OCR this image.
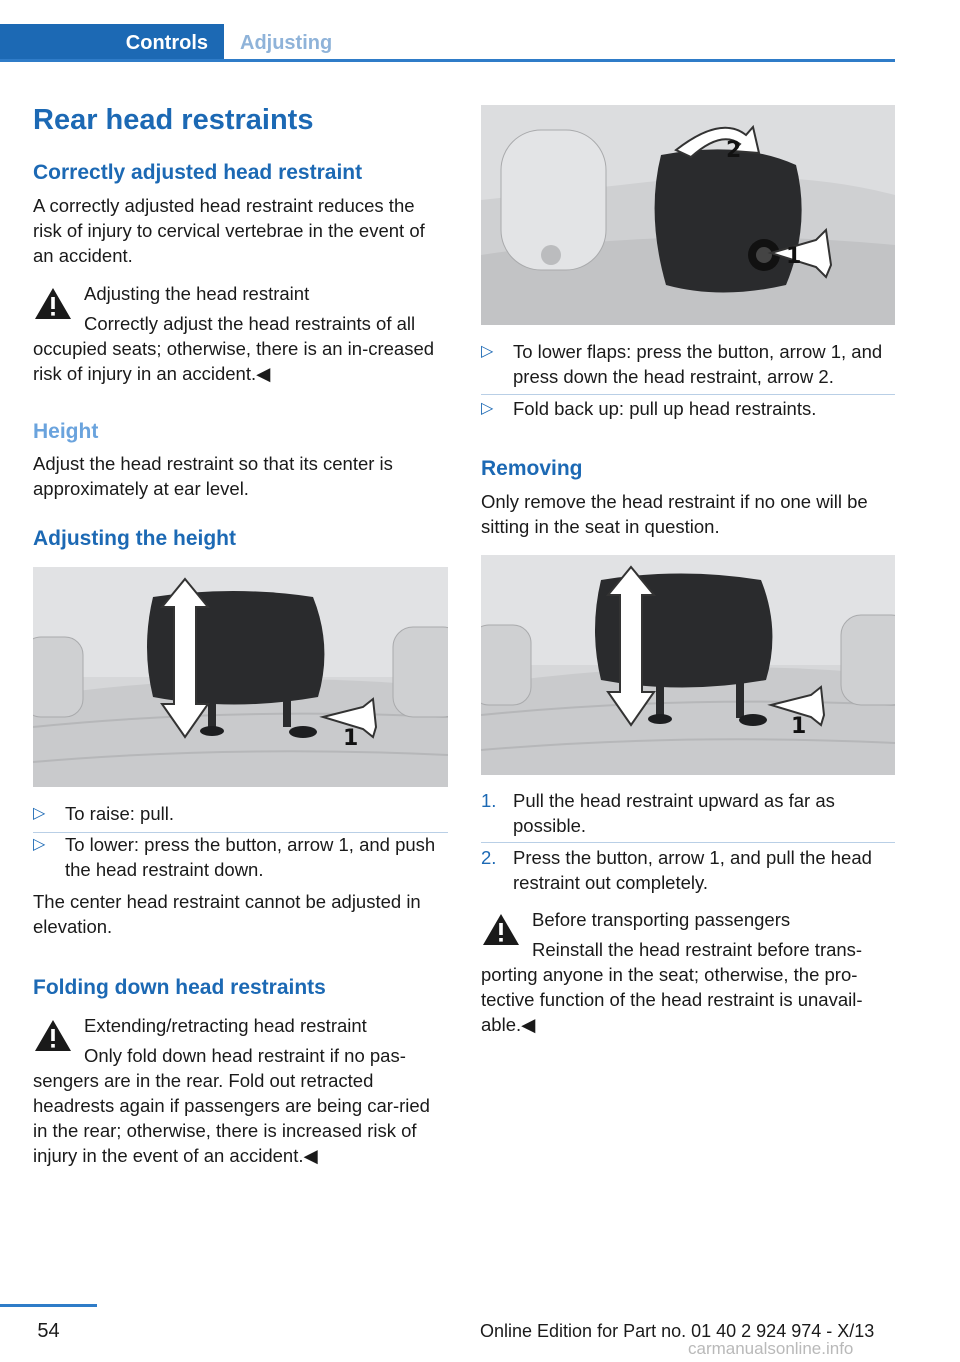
Controls	Adjusting
Rear head restraints
Correctly adjusted head restraint

A correctly adjusted head restraint reduces the risk of injury to cervical vertebrae in the event of an accident.

Adjusting the head restraint
Correctly adjust the head restraints of all occupied seats; otherwise, there is an in‐creased risk of injury in an accident.◀
Height

Adjust the head restraint so that its center is approximately at ear level.

Adjusting the height
1
▷ To raise: pull.
▷ To lower: press the button, arrow 1, and push the head restraint down.

The center head restraint cannot be adjusted in elevation.

Folding down head restraints
Extending/retracting head restraint
Only fold down head restraint if no pas‐sengers are in the rear. Fold out retracted headrests again if passengers are being car‐ried in the rear; otherwise, there is increased risk of injury in the event of an accident.◀
2
1
▷ To lower flaps: press the button, arrow 1, and press down the head restraint, arrow 2.
▷ Fold back up: pull up head restraints.
Removing

Only remove the head restraint if no one will be sitting in the seat in question.

1
1. Pull the head restraint upward as far as possible.
2. Press the button, arrow 1, and pull the head restraint out completely.
Before transporting passengers
Reinstall the head restraint before trans‐porting anyone in the seat; otherwise, the pro‐tective function of the head restraint is unavail‐able.◀
54	Online Edition for Part no. 01 40 2 924 974 - X/13
carmanualsonline.info
